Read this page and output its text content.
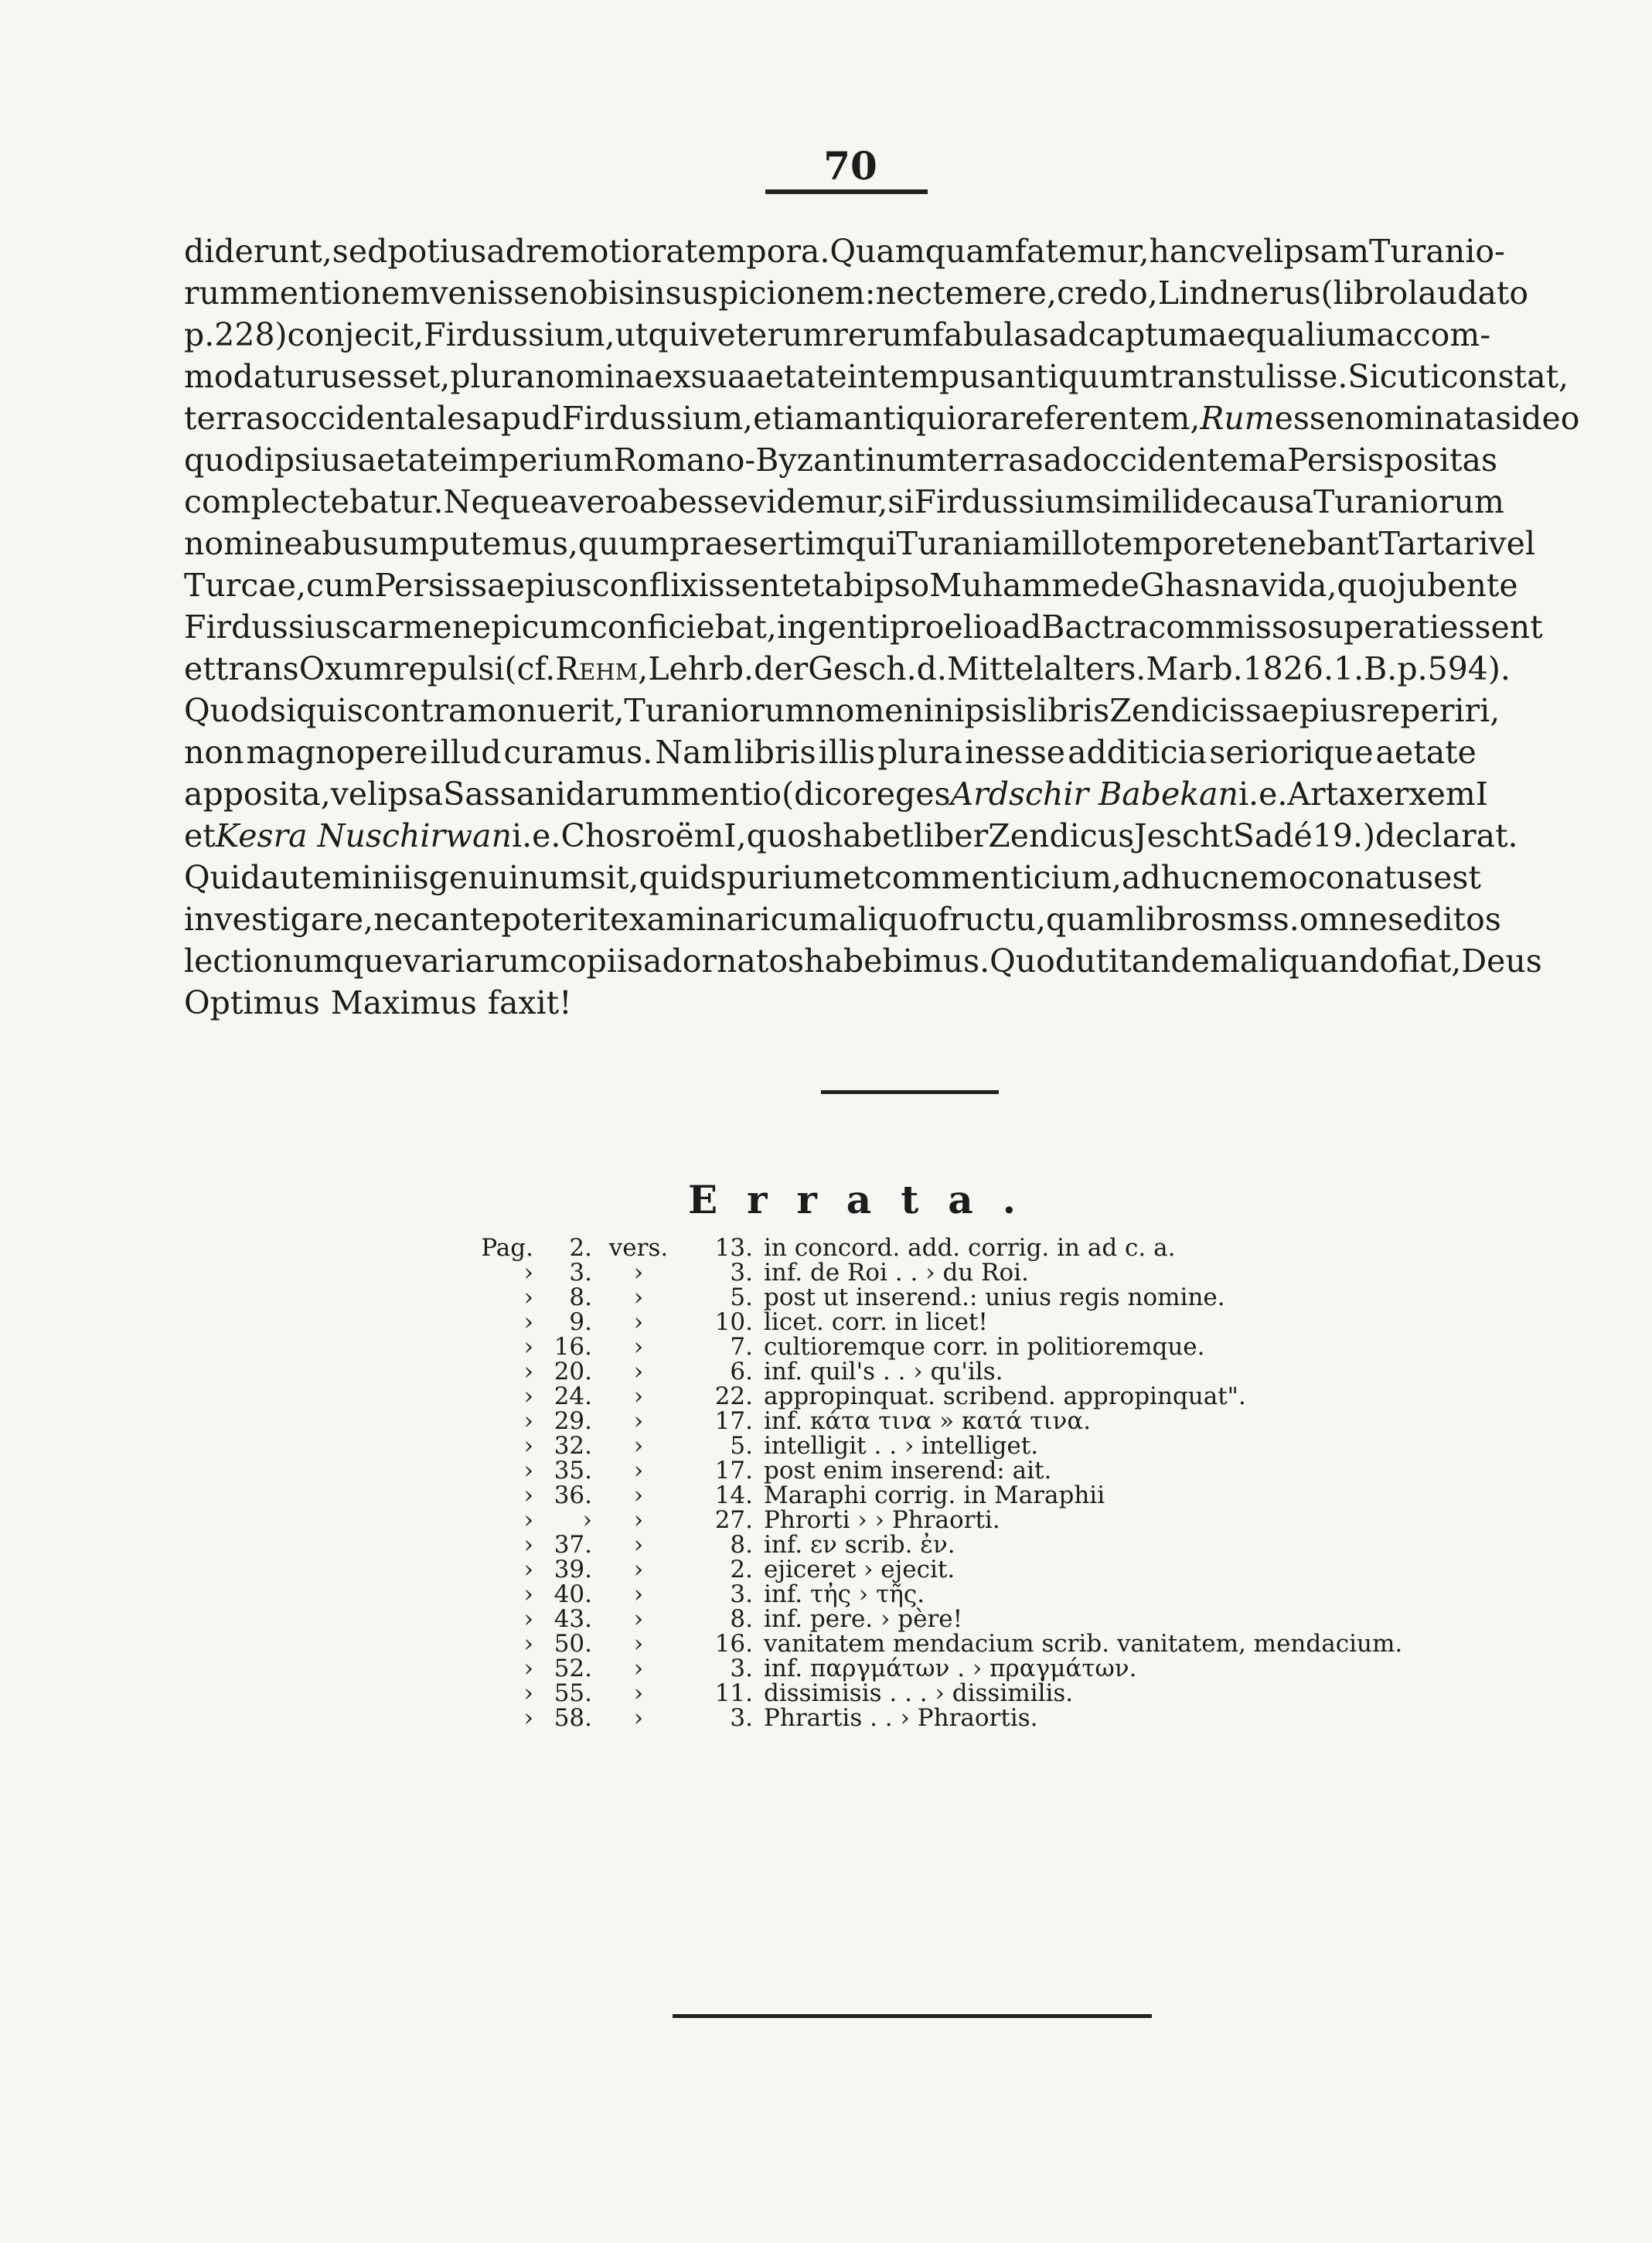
70
diderunt, sed potius ad remotiora tempora. Quamquam fatemur, hanc vel ipsam Turanio-
rum mentionem venisse nobis in suspicionem: nec temere, credo, Lindnerus (libro laudato
p. 228) conjecit, Firdussium, ut qui veterum rerum fabulas ad captum aequalium accom-
modaturus esset, plura nomina ex sua aetate in tempus antiquum transtulisse. Sicuti constat,
terras occidentales apud Firdussium, etiam antiquiora referentem, Rum esse nominatas ideo
quod ipsius aetate imperium Romano-Byzantinum terras ad occidentem a Persis positas
complectebatur. Neque a vero abesse videmur, si Firdussium simili de causa Turaniorum
nomine abusum putemus, quum praesertim qui Turaniam illo tempore tenebant Tartari vel
Turcae, cum Persis saepius conflixissent et ab ipso Muhammede Ghasnavida, quo jubente
Firdussius carmen epicum conficiebat, ingenti proelio ad Bactra commisso superati essent
et trans Oxum repulsi (cf. Rehm, Lehrb. der Gesch. d. Mittelalters. Marb. 1826. 1. B. p. 594).
Quodsi quis contra monuerit, Turaniorum nomen in ipsis libris Zendicis saepius reperiri,
non magnopere illud curamus. Nam libris illis plura inesse additicia seriorique aetate
apposita, vel ipsa Sassanidarum mentio (dico reges Ardschir Babekan i. e. Artaxerxem I
et Kesra Nuschirwan i. e. Chosroëm I, quos habet liber Zendicus Jescht Sadé 19.) declarat.
Quid autem in iis genuinum sit, quid spurium et commenticium, adhuc nemo conatus est
investigare, nec ante poterit examinari cum aliquo fructu, quam libros mss. omnes editos
lectionumque variarum copiis adornatos habebimus. Quod uti tandem aliquando fiat, Deus
Optimus Maximus faxit!
Errata.
Pag.	2.	vers.	13.	in concord. add. corrig. in ad c. a.
›	3.	›	3.	inf. de Roi . . › du Roi.
›	8.	›	5.	post ut inserend.: unius regis nomine.
›	9.	›	10.	licet. corr. in licet!
›	16.	›	7.	cultioremque corr. in politioremque.
›	20.	›	6.	inf. quil's . . › qu'ils.
›	24.	›	22.	appropinquat. scribend. appropinquat".
›	29.	›	17.	inf. κάτα τινα » κατά τινα.
›	32.	›	5.	intelligit . . › intelliget.
›	35.	›	17.	post enim inserend: ait.
›	36.	›	14.	Maraphi corrig. in Maraphii
›	›	›	27.	Phrorti › › Phraorti.
›	37.	›	8.	inf. εν scrib. ἐν.
›	39.	›	2.	ejiceret › ejecit.
›	40.	›	3.	inf. τἠς › τῆς.
›	43.	›	8.	inf. pere. › père!
›	50.	›	16.	vanitatem mendacium scrib. vanitatem, mendacium.
›	52.	›	3.	inf. παργμάτων . › πραγμάτων.
›	55.	›	11.	dissimisis . . . › dissimilis.
›	58.	›	3.	Phrartis . . › Phraortis.
